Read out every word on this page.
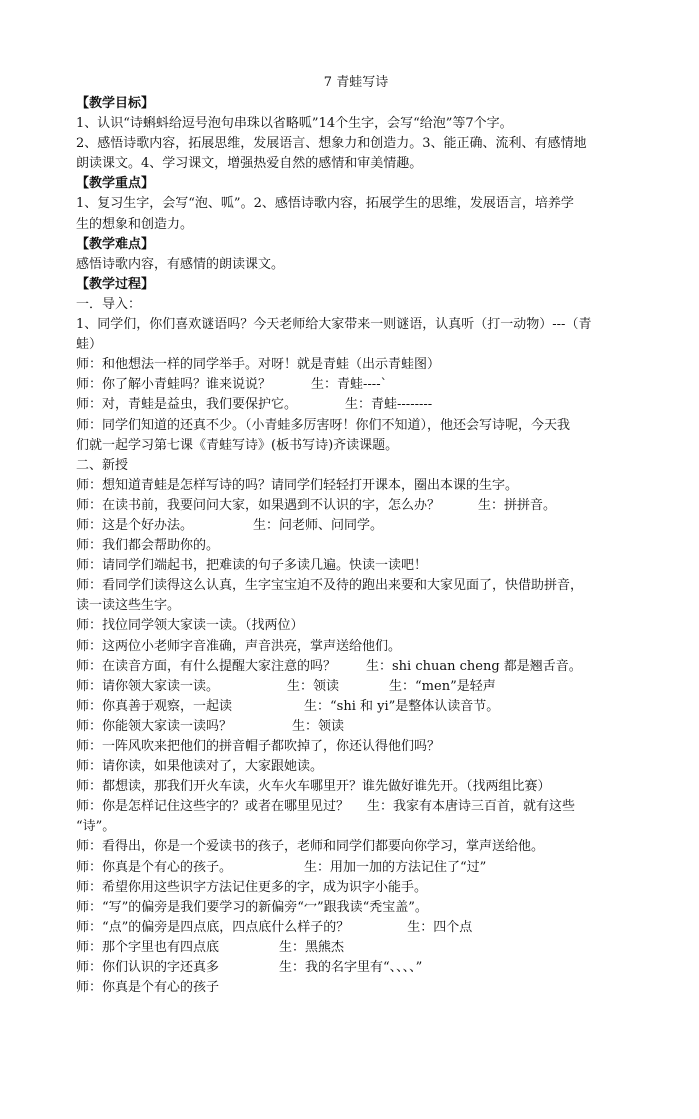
7 青蛙写诗
【教学目标】
1、认识“诗蝌蚪给逗号泡句串珠以省略呱”14个生字，会写“给泡”等7个字。
2、感悟诗歌内容，拓展思维，发展语言、想象力和创造力。3、能正确、流利、有感情地
朗读课文。4、学习课文，增强热爱自然的感情和审美情趣。
【教学重点】
1、复习生字，会写“泡、呱”。2、感悟诗歌内容，拓展学生的思维，发展语言，培养学
生的想象和创造力。
【教学难点】
感悟诗歌内容，有感情的朗读课文。
【教学过程】
一．导入：
1、同学们，你们喜欢谜语吗？今天老师给大家带来一则谜语，认真听（打一动物）---（青
蛙）
师：和他想法一样的同学举手。对呀！就是青蛙（出示青蛙图）
师：你了解小青蛙吗？谁来说说？	生：青蛙----`
师：对，青蛙是益虫，我们要保护它。	生：青蛙--------
师：同学们知道的还真不少。（小青蛙多厉害呀！你们不知道），他还会写诗呢，今天我
们就一起学习第七课《青蛙写诗》(板书写诗)齐读课题。
二、新授
师：想知道青蛙是怎样写诗的吗？请同学们轻轻打开课本，圈出本课的生字。
师：在读书前，我要问问大家，如果遇到不认识的字，怎么办？	生：拼拼音。
师：这是个好办法。	生：问老师、问同学。
师：我们都会帮助你的。
师：请同学们端起书，把难读的句子多读几遍。快读一读吧！
师：看同学们读得这么认真，生字宝宝迫不及待的跑出来要和大家见面了，快借助拼音，
读一读这些生字。
师：找位同学领大家读一读。（找两位）
师：这两位小老师字音准确，声音洪亮，掌声送给他们。
师：在读音方面，有什么提醒大家注意的吗？ 生：shi chuan cheng 都是翘舌音。
师：请你领大家读一读。	生：领读	生：“men”是轻声
师：你真善于观察，一起读	生：“shi 和 yi”是整体认读音节。
师：你能领大家读一读吗？	生：领读
师：一阵风吹来把他们的拼音帽子都吹掉了，你还认得他们吗？
师：请你读，如果他读对了，大家跟她读。
师：都想读，那我们开火车读，火车火车哪里开？谁先做好谁先开。（找两组比赛）
师：你是怎样记住这些字的？或者在哪里见过？ 生：我家有本唐诗三百首，就有这些
“诗”。
师：看得出，你是一个爱读书的孩子，老师和同学们都要向你学习，掌声送给他。
师：你真是个有心的孩子。	生：用加一加的方法记住了“过”
师：希望你用这些识字方法记住更多的字，成为识字小能手。
师：“写”的偏旁是我们要学习的新偏旁“冖”跟我读“秃宝盖”。
师：“点”的偏旁是四点底，四点底什么样子的？	生：四个点
师：那个字里也有四点底	生：黑熊杰
师：你们认识的字还真多	生：我的名字里有“、、、、”
师：你真是个有心的孩子
